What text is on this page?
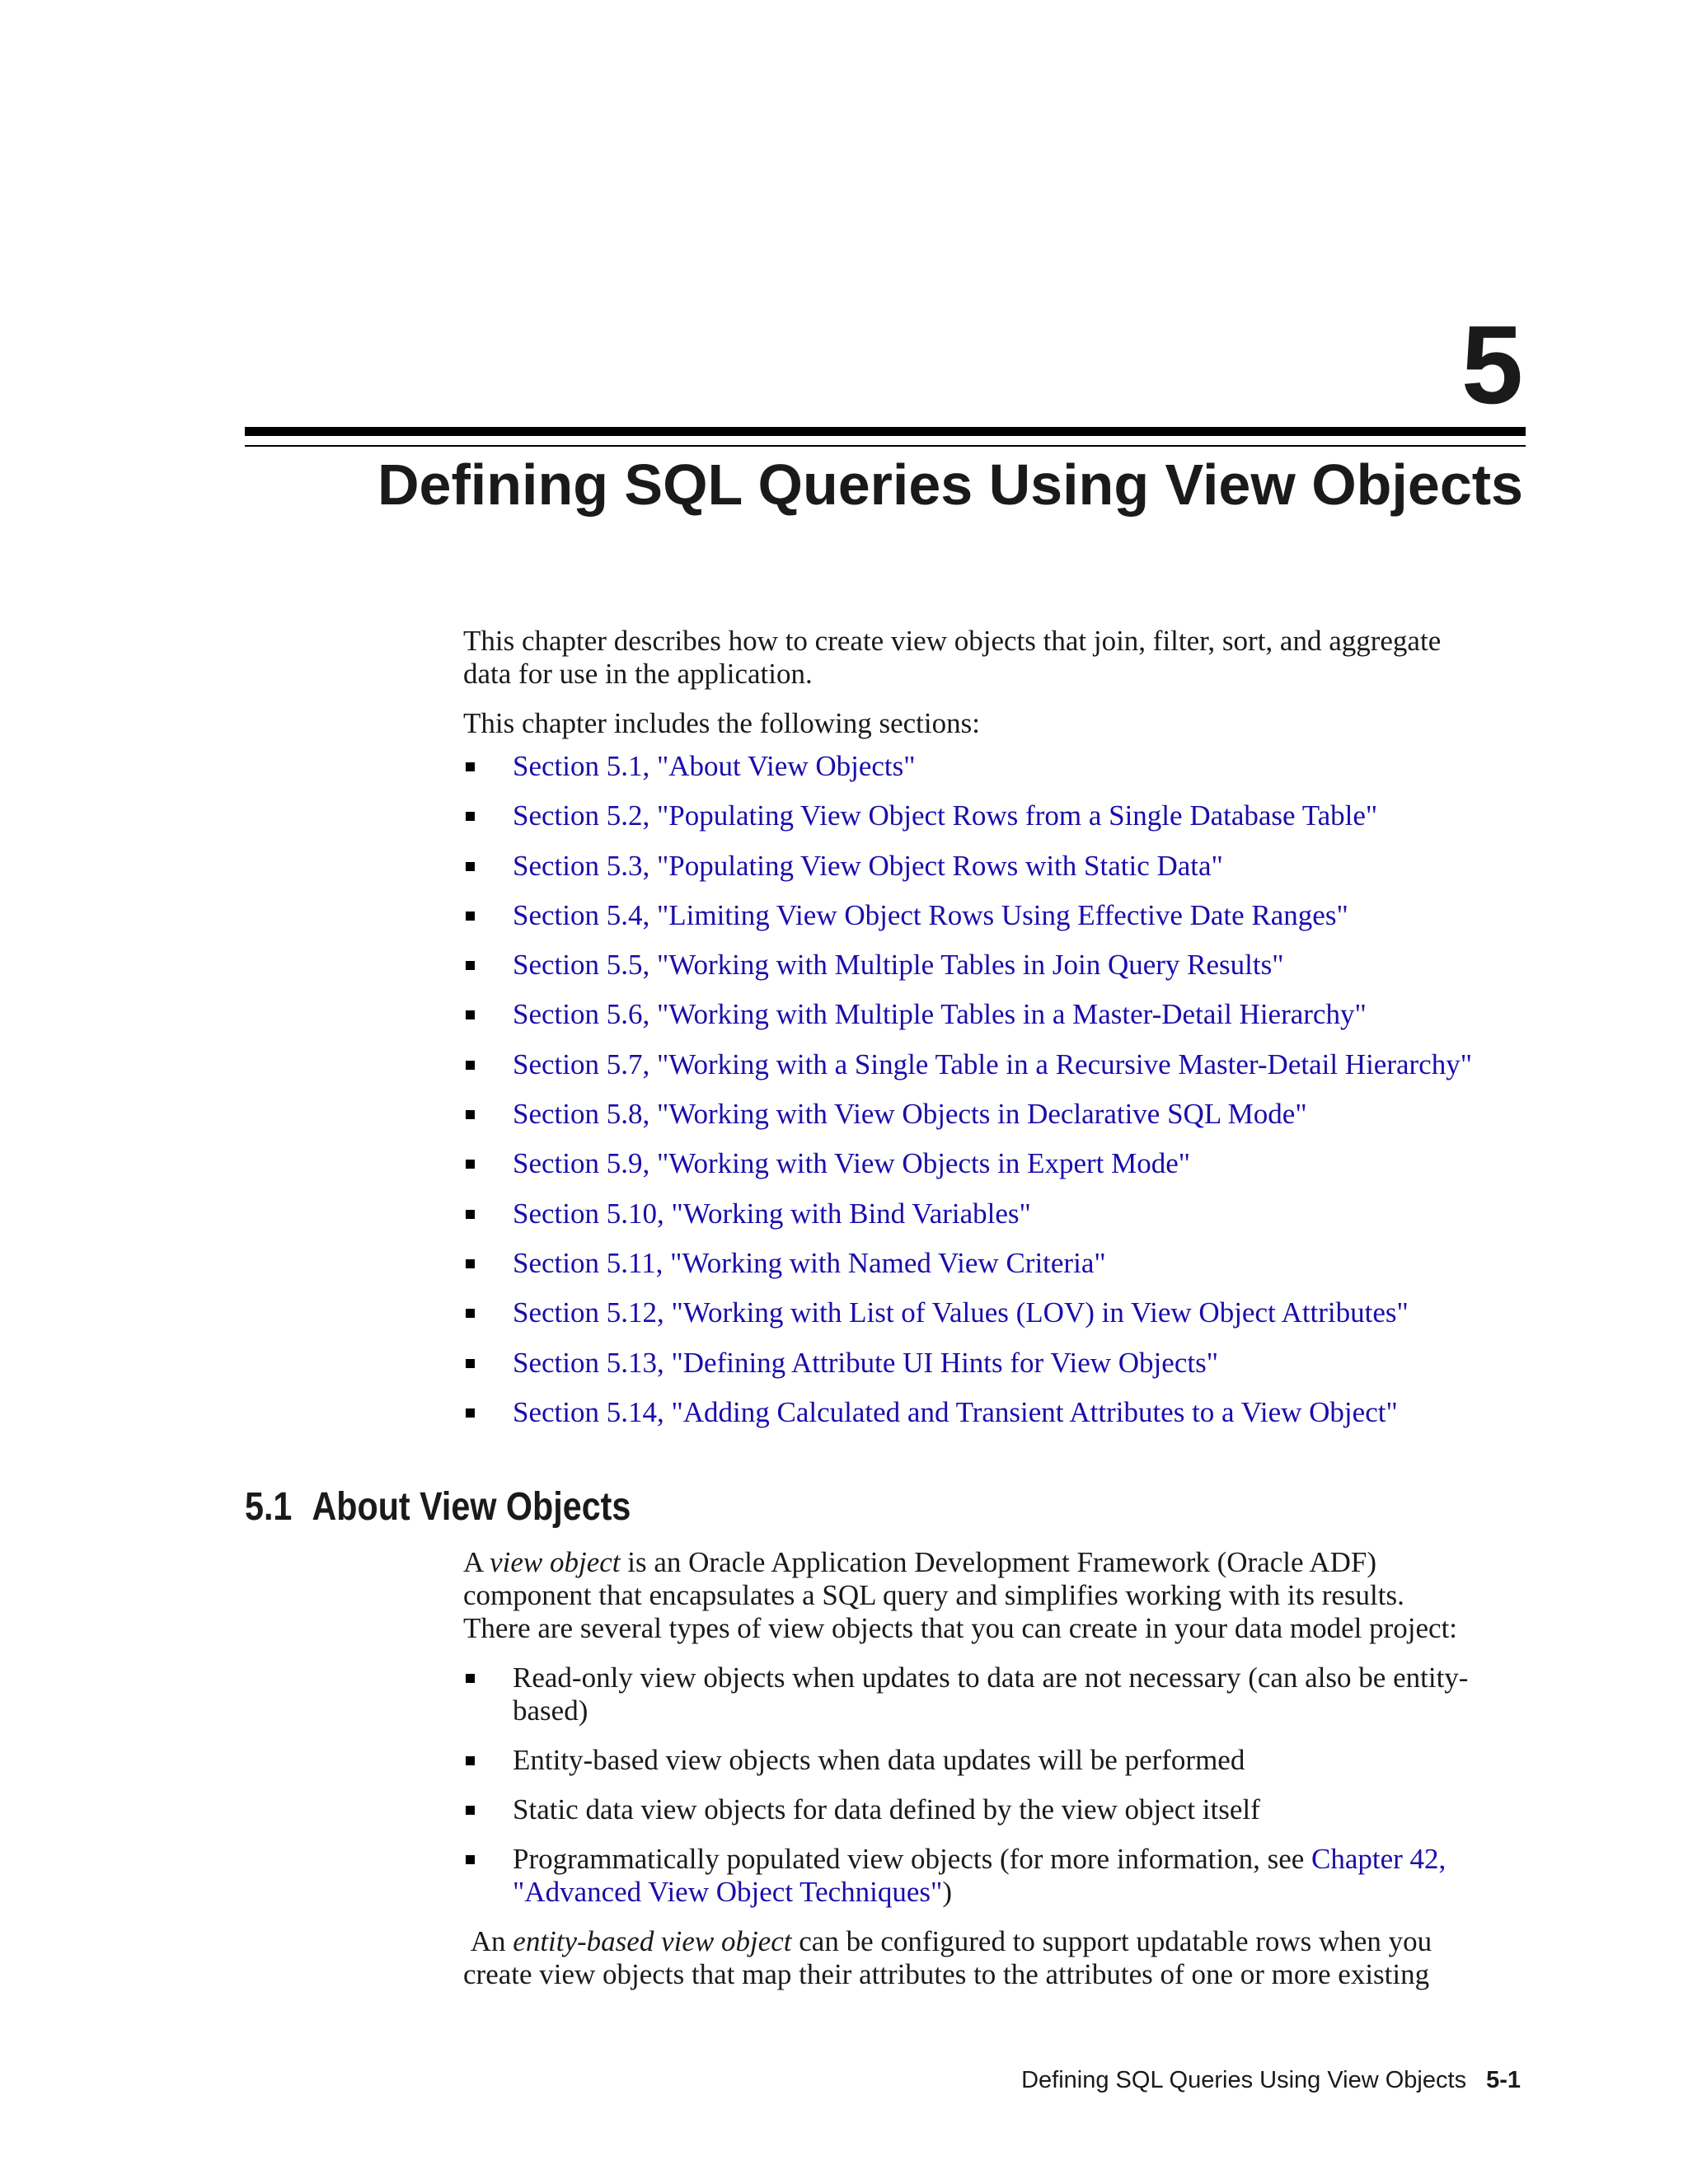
5
Defining SQL Queries Using View Objects

This chapter describes how to create view objects that join, filter, sort, and aggregate
data for use in the application.

This chapter includes the following sections:

Section 5.1, "About View Objects"
Section 5.2, "Populating View Object Rows from a Single Database Table"
Section 5.3, "Populating View Object Rows with Static Data"
Section 5.4, "Limiting View Object Rows Using Effective Date Ranges"
Section 5.5, "Working with Multiple Tables in Join Query Results"
Section 5.6, "Working with Multiple Tables in a Master-Detail Hierarchy"
Section 5.7, "Working with a Single Table in a Recursive Master-Detail Hierarchy"
Section 5.8, "Working with View Objects in Declarative SQL Mode"
Section 5.9, "Working with View Objects in Expert Mode"
Section 5.10, "Working with Bind Variables"
Section 5.11, "Working with Named View Criteria"
Section 5.12, "Working with List of Values (LOV) in View Object Attributes"
Section 5.13, "Defining Attribute UI Hints for View Objects"
Section 5.14, "Adding Calculated and Transient Attributes to a View Object"
5.1 About View Objects

A view object is an Oracle Application Development Framework (Oracle ADF)
component that encapsulates a SQL query and simplifies working with its results.
There are several types of view objects that you can create in your data model project:

Read-only view objects when updates to data are not necessary (can also be entity-based)
Entity-based view objects when data updates will be performed
Static data view objects for data defined by the view object itself
Programmatically populated view objects (for more information, see Chapter 42, "Advanced View Object Techniques")

An entity-based view object can be configured to support updatable rows when you
create view objects that map their attributes to the attributes of one or more existing

Defining SQL Queries Using View Objects 5-1
